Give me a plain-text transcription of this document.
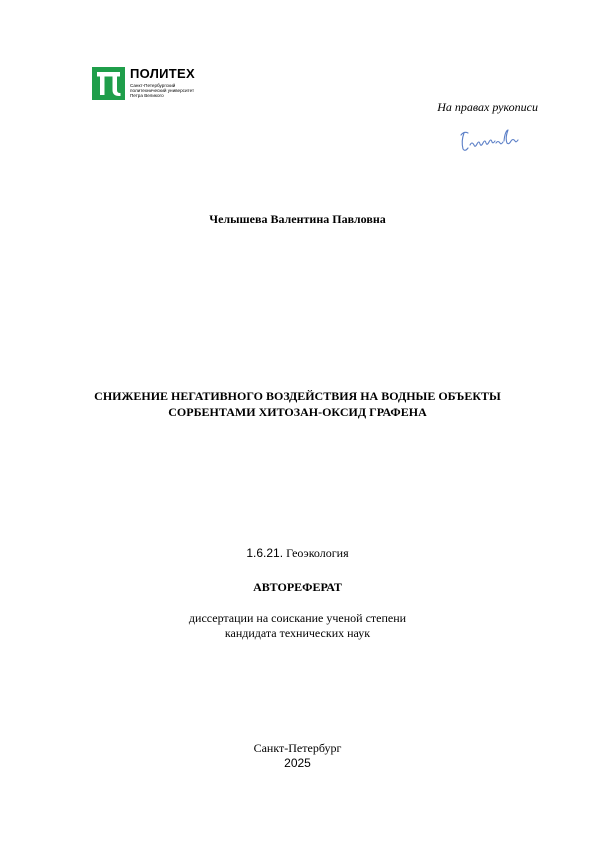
ПОЛИТЕХ
Санкт-Петербургский
политехнический университет
Петра Великого
На правах рукописи
Челышева Валентина Павловна
СНИЖЕНИЕ НЕГАТИВНОГО ВОЗДЕЙСТВИЯ НА ВОДНЫЕ ОБЪЕКТЫ
СОРБЕНТАМИ ХИТОЗАН-ОКСИД ГРАФЕНА
1.6.21. Геоэкология
АВТОРЕФЕРАТ
диссертации на соискание ученой степени
кандидата технических наук
Санкт-Петербург
2025
